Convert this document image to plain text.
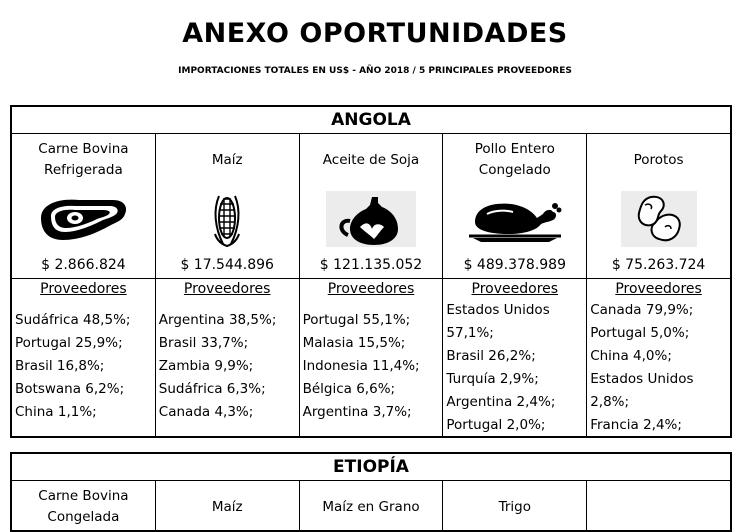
ANEXO OPORTUNIDADES
IMPORTACIONES TOTALES EN US$ - AÑO 2018 / 5 PRINCIPALES PROVEEDORES
ANGOLA
Carne Bovina
Refrigerada
$ 2.866.824
Proveedores
Sudáfrica 48,5%;
Portugal 25,9%;
Brasil 16,8%;
Botswana 6,2%;
China 1,1%;
Maíz
$ 17.544.896
Proveedores
Argentina 38,5%;
Brasil 33,7%;
Zambia 9,9%;
Sudáfrica 6,3%;
Canada 4,3%;
Aceite de Soja
$ 121.135.052
Proveedores
Portugal 55,1%;
Malasia 15,5%;
Indonesia 11,4%;
Bélgica 6,6%;
Argentina 3,7%;
Pollo Entero
Congelado
$ 489.378.989
Proveedores
Estados Unidos
57,1%;
Brasil 26,2%;
Turquía 2,9%;
Argentina 2,4%;
Portugal 2,0%;
Porotos
$ 75.263.724
Proveedores
Canada 79,9%;
Portugal 5,0%;
China 4,0%;
Estados Unidos
2,8%;
Francia 2,4%;
ETIOPÍA
Carne Bovina
Congelada
Maíz	Maíz en Grano	Trigo
